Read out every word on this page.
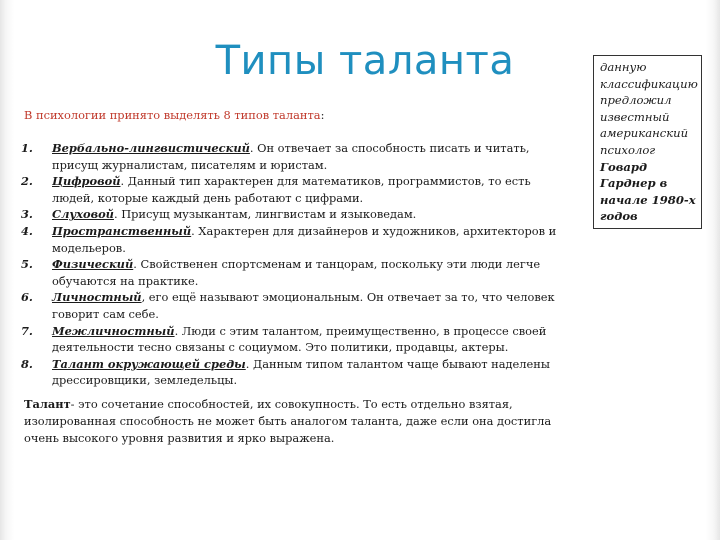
Типы таланта
В психологии принято выделять 8 типов таланта:
1. Вербально-лингвистический. Он отвечает за способность писать и читать, присущ журналистам, писателям и юристам.
2. Цифровой. Данный тип характерен для математиков, программистов, то есть людей, которые каждый день работают с цифрами.
3. Слуховой. Присущ музыкантам, лингвистам и языковедам.
4. Пространственный. Характерен для дизайнеров и художников, архитекторов и модельеров.
5. Физический. Свойственен спортсменам и танцорам, поскольку эти люди легче обучаются на практике.
6. Личностный, его ещё называют эмоциональным. Он отвечает за то, что человек говорит сам себе.
7. Межличностный. Люди с этим талантом, преимущественно, в процессе своей деятельности тесно связаны с социумом. Это политики, продавцы, актеры.
8. Талант окружающей среды. Данным типом талантом чаще бывают наделены дрессировщики, земледельцы.
Талант- это сочетание способностей, их совокупность. То есть отдельно взятая, изолированная способность не может быть аналогом таланта, даже если она достигла очень высокого уровня развития и ярко выражена.
данную классификацию предложил известный американский психолог Говард Гарднер в начале 1980-х годов
